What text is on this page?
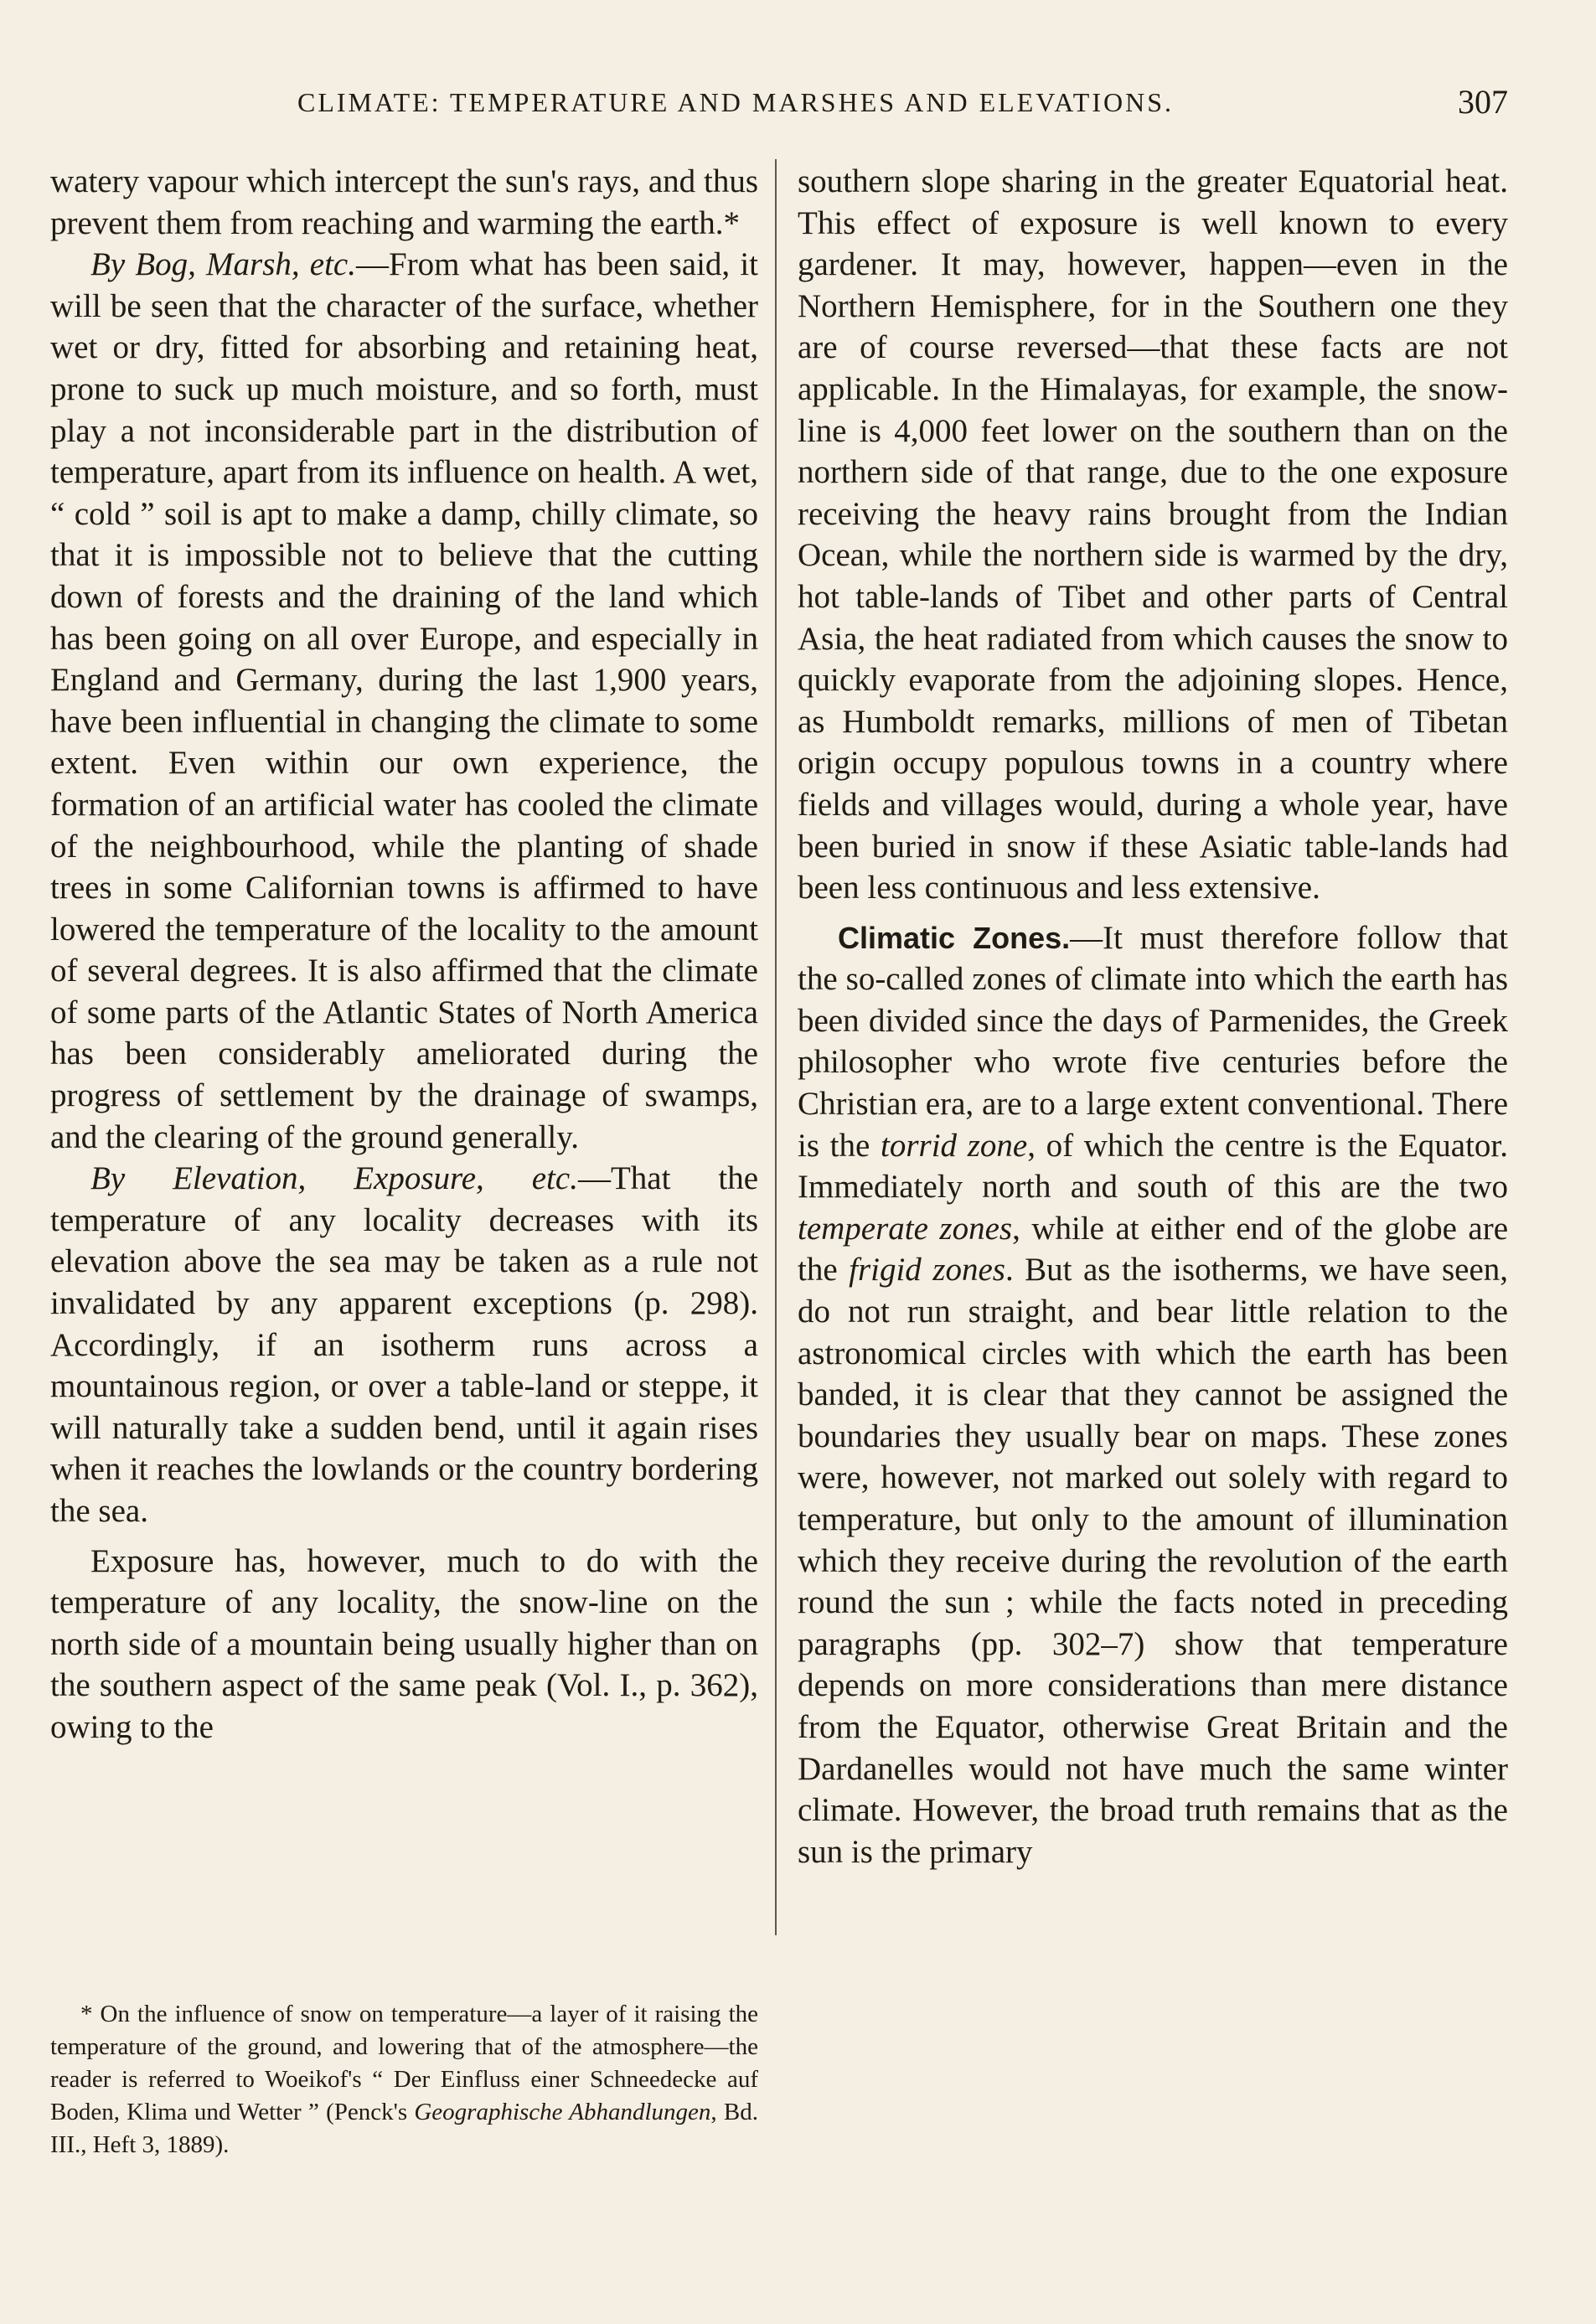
CLIMATE: TEMPERATURE AND MARSHES AND ELEVATIONS.	307

watery vapour which intercept the sun's rays, and thus prevent them from reaching and warming the earth.*

By Bog, Marsh, etc.—From what has been said, it will be seen that the character of the surface, whether wet or dry, fitted for absorbing and retaining heat, prone to suck up much moisture, and so forth, must play a not inconsiderable part in the distribution of temperature, apart from its influence on health. A wet, “ cold ” soil is apt to make a damp, chilly climate, so that it is impossible not to believe that the cutting down of forests and the draining of the land which has been going on all over Europe, and especially in England and Germany, during the last 1,900 years, have been influential in changing the climate to some extent. Even within our own experience, the formation of an artificial water has cooled the climate of the neighbourhood, while the planting of shade trees in some Californian towns is affirmed to have lowered the temperature of the locality to the amount of several degrees. It is also affirmed that the climate of some parts of the Atlantic States of North America has been considerably ameliorated during the progress of settlement by the drainage of swamps, and the clearing of the ground generally.

By Elevation, Exposure, etc.—That the temperature of any locality decreases with its elevation above the sea may be taken as a rule not invalidated by any apparent exceptions (p. 298). Accordingly, if an isotherm runs across a mountainous region, or over a table-land or steppe, it will naturally take a sudden bend, until it again rises when it reaches the lowlands or the country bordering the sea.

Exposure has, however, much to do with the temperature of any locality, the snow-line on the north side of a mountain being usually higher than on the southern aspect of the same peak (Vol. I., p. 362), owing to the

* On the influence of snow on temperature—a layer of it raising the temperature of the ground, and lowering that of the atmosphere—the reader is referred to Woeikof's “ Der Einfluss einer Schneedecke auf Boden, Klima und Wetter ” (Penck's Geographische Abhandlungen, Bd. III., Heft 3, 1889).

southern slope sharing in the greater Equatorial heat. This effect of exposure is well known to every gardener. It may, however, happen—even in the Northern Hemisphere, for in the Southern one they are of course reversed—that these facts are not applicable. In the Himalayas, for example, the snow-line is 4,000 feet lower on the southern than on the northern side of that range, due to the one exposure receiving the heavy rains brought from the Indian Ocean, while the northern side is warmed by the dry, hot table-lands of Tibet and other parts of Central Asia, the heat radiated from which causes the snow to quickly evaporate from the adjoining slopes. Hence, as Humboldt remarks, millions of men of Tibetan origin occupy populous towns in a country where fields and villages would, during a whole year, have been buried in snow if these Asiatic table-lands had been less continuous and less extensive.

Climatic Zones.—It must therefore follow that the so-called zones of climate into which the earth has been divided since the days of Parmenides, the Greek philosopher who wrote five centuries before the Christian era, are to a large extent conventional. There is the torrid zone, of which the centre is the Equator. Immediately north and south of this are the two temperate zones, while at either end of the globe are the frigid zones. But as the isotherms, we have seen, do not run straight, and bear little relation to the astronomical circles with which the earth has been banded, it is clear that they cannot be assigned the boundaries they usually bear on maps. These zones were, however, not marked out solely with regard to temperature, but only to the amount of illumination which they receive during the revolution of the earth round the sun ; while the facts noted in preceding paragraphs (pp. 302–7) show that temperature depends on more considerations than mere distance from the Equator, otherwise Great Britain and the Dardanelles would not have much the same winter climate. However, the broad truth remains that as the sun is the primary
